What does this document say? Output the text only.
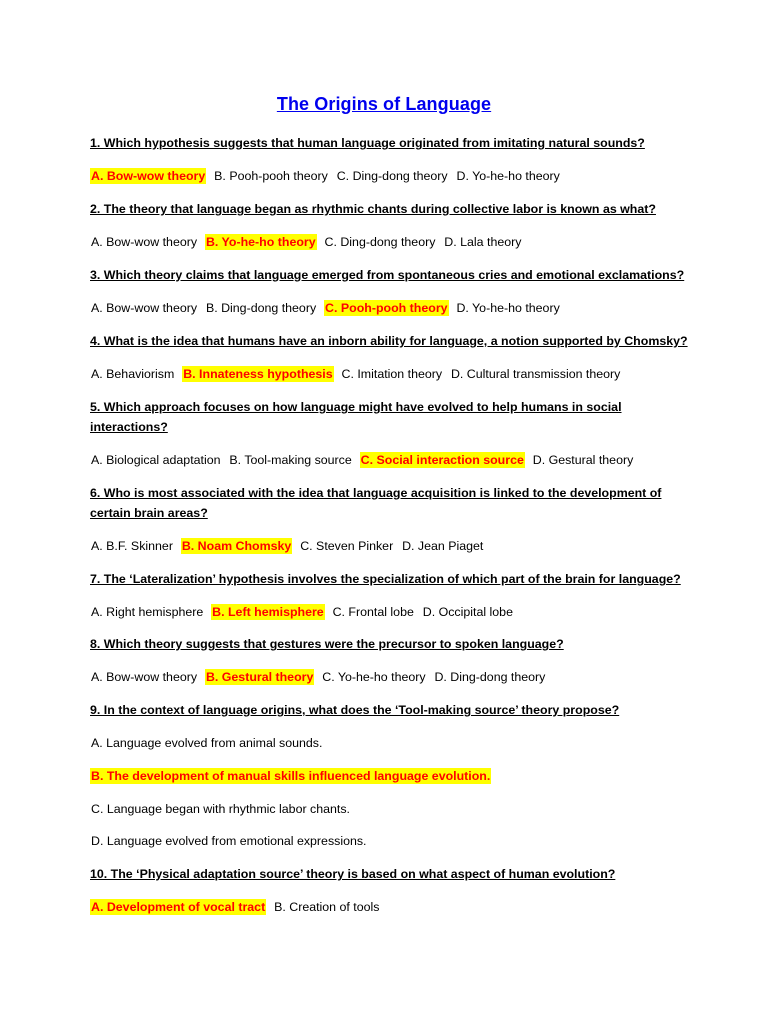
The Origins of Language
1. Which hypothesis suggests that human language originated from imitating natural sounds?
A. Bow-wow theory B. Pooh-pooh theory C. Ding-dong theory D. Yo-he-ho theory
2. The theory that language began as rhythmic chants during collective labor is known as what?
A. Bow-wow theory B. Yo-he-ho theory C. Ding-dong theory D. Lala theory
3. Which theory claims that language emerged from spontaneous cries and emotional exclamations?
A. Bow-wow theory B. Ding-dong theory C. Pooh-pooh theory D. Yo-he-ho theory
4. What is the idea that humans have an inborn ability for language, a notion supported by Chomsky?
A. Behaviorism B. Innateness hypothesis C. Imitation theory D. Cultural transmission theory
5. Which approach focuses on how language might have evolved to help humans in social interactions?
A. Biological adaptation B. Tool-making source C. Social interaction source D. Gestural theory
6. Who is most associated with the idea that language acquisition is linked to the development of certain brain areas?
A. B.F. Skinner B. Noam Chomsky C. Steven Pinker D. Jean Piaget
7. The ‘Lateralization’ hypothesis involves the specialization of which part of the brain for language?
A. Right hemisphere B. Left hemisphere C. Frontal lobe D. Occipital lobe
8. Which theory suggests that gestures were the precursor to spoken language?
A. Bow-wow theory B. Gestural theory C. Yo-he-ho theory D. Ding-dong theory
9. In the context of language origins, what does the ‘Tool-making source’ theory propose?
A. Language evolved from animal sounds.
B. The development of manual skills influenced language evolution.
C. Language began with rhythmic labor chants.
D. Language evolved from emotional expressions.
10. The ‘Physical adaptation source’ theory is based on what aspect of human evolution?
A. Development of vocal tract B. Creation of tools
